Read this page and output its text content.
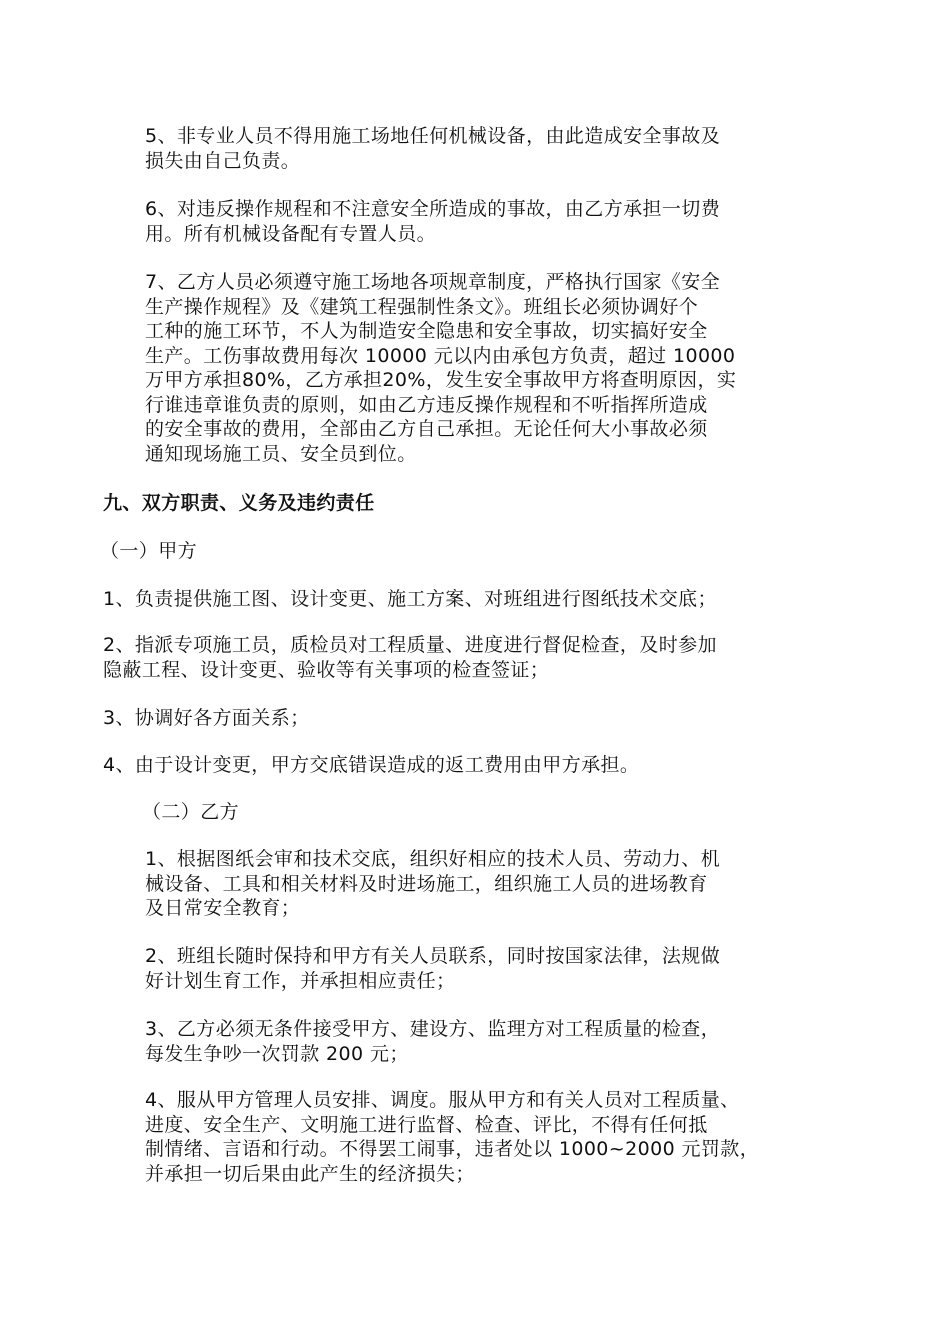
5、非专业人员不得用施工场地任何机械设备，由此造成安全事故及
损失由自己负责。

6、对违反操作规程和不注意安全所造成的事故，由乙方承担一切费
用。所有机械设备配有专置人员。

7、乙方人员必须遵守施工场地各项规章制度，严格执行国家《安全
生产操作规程》及《建筑工程强制性条文》。班组长必须协调好个
工种的施工环节，不人为制造安全隐患和安全事故，切实搞好安全
生产。工伤事故费用每次 10000 元以内由承包方负责，超过 10000
万甲方承担80%，乙方承担20%，发生安全事故甲方将查明原因，实
行谁违章谁负责的原则，如由乙方违反操作规程和不听指挥所造成
的安全事故的费用，全部由乙方自己承担。无论任何大小事故必须
通知现场施工员、安全员到位。

九、双方职责、义务及违约责任

（一）甲方

1、负责提供施工图、设计变更、施工方案、对班组进行图纸技术交底；

2、指派专项施工员，质检员对工程质量、进度进行督促检查，及时参加
隐蔽工程、设计变更、验收等有关事项的检查签证；

3、协调好各方面关系；

4、由于设计变更，甲方交底错误造成的返工费用由甲方承担。

（二）乙方

1、根据图纸会审和技术交底，组织好相应的技术人员、劳动力、机
械设备、工具和相关材料及时进场施工，组织施工人员的进场教育
及日常安全教育；

2、班组长随时保持和甲方有关人员联系，同时按国家法律，法规做
好计划生育工作，并承担相应责任；

3、乙方必须无条件接受甲方、建设方、监理方对工程质量的检查，
每发生争吵一次罚款 200 元；

4、服从甲方管理人员安排、调度。服从甲方和有关人员对工程质量、
进度、安全生产、文明施工进行监督、检查、评比，不得有任何抵
制情绪、言语和行动。不得罢工闹事，违者处以 1000~2000 元罚款，
并承担一切后果由此产生的经济损失；
